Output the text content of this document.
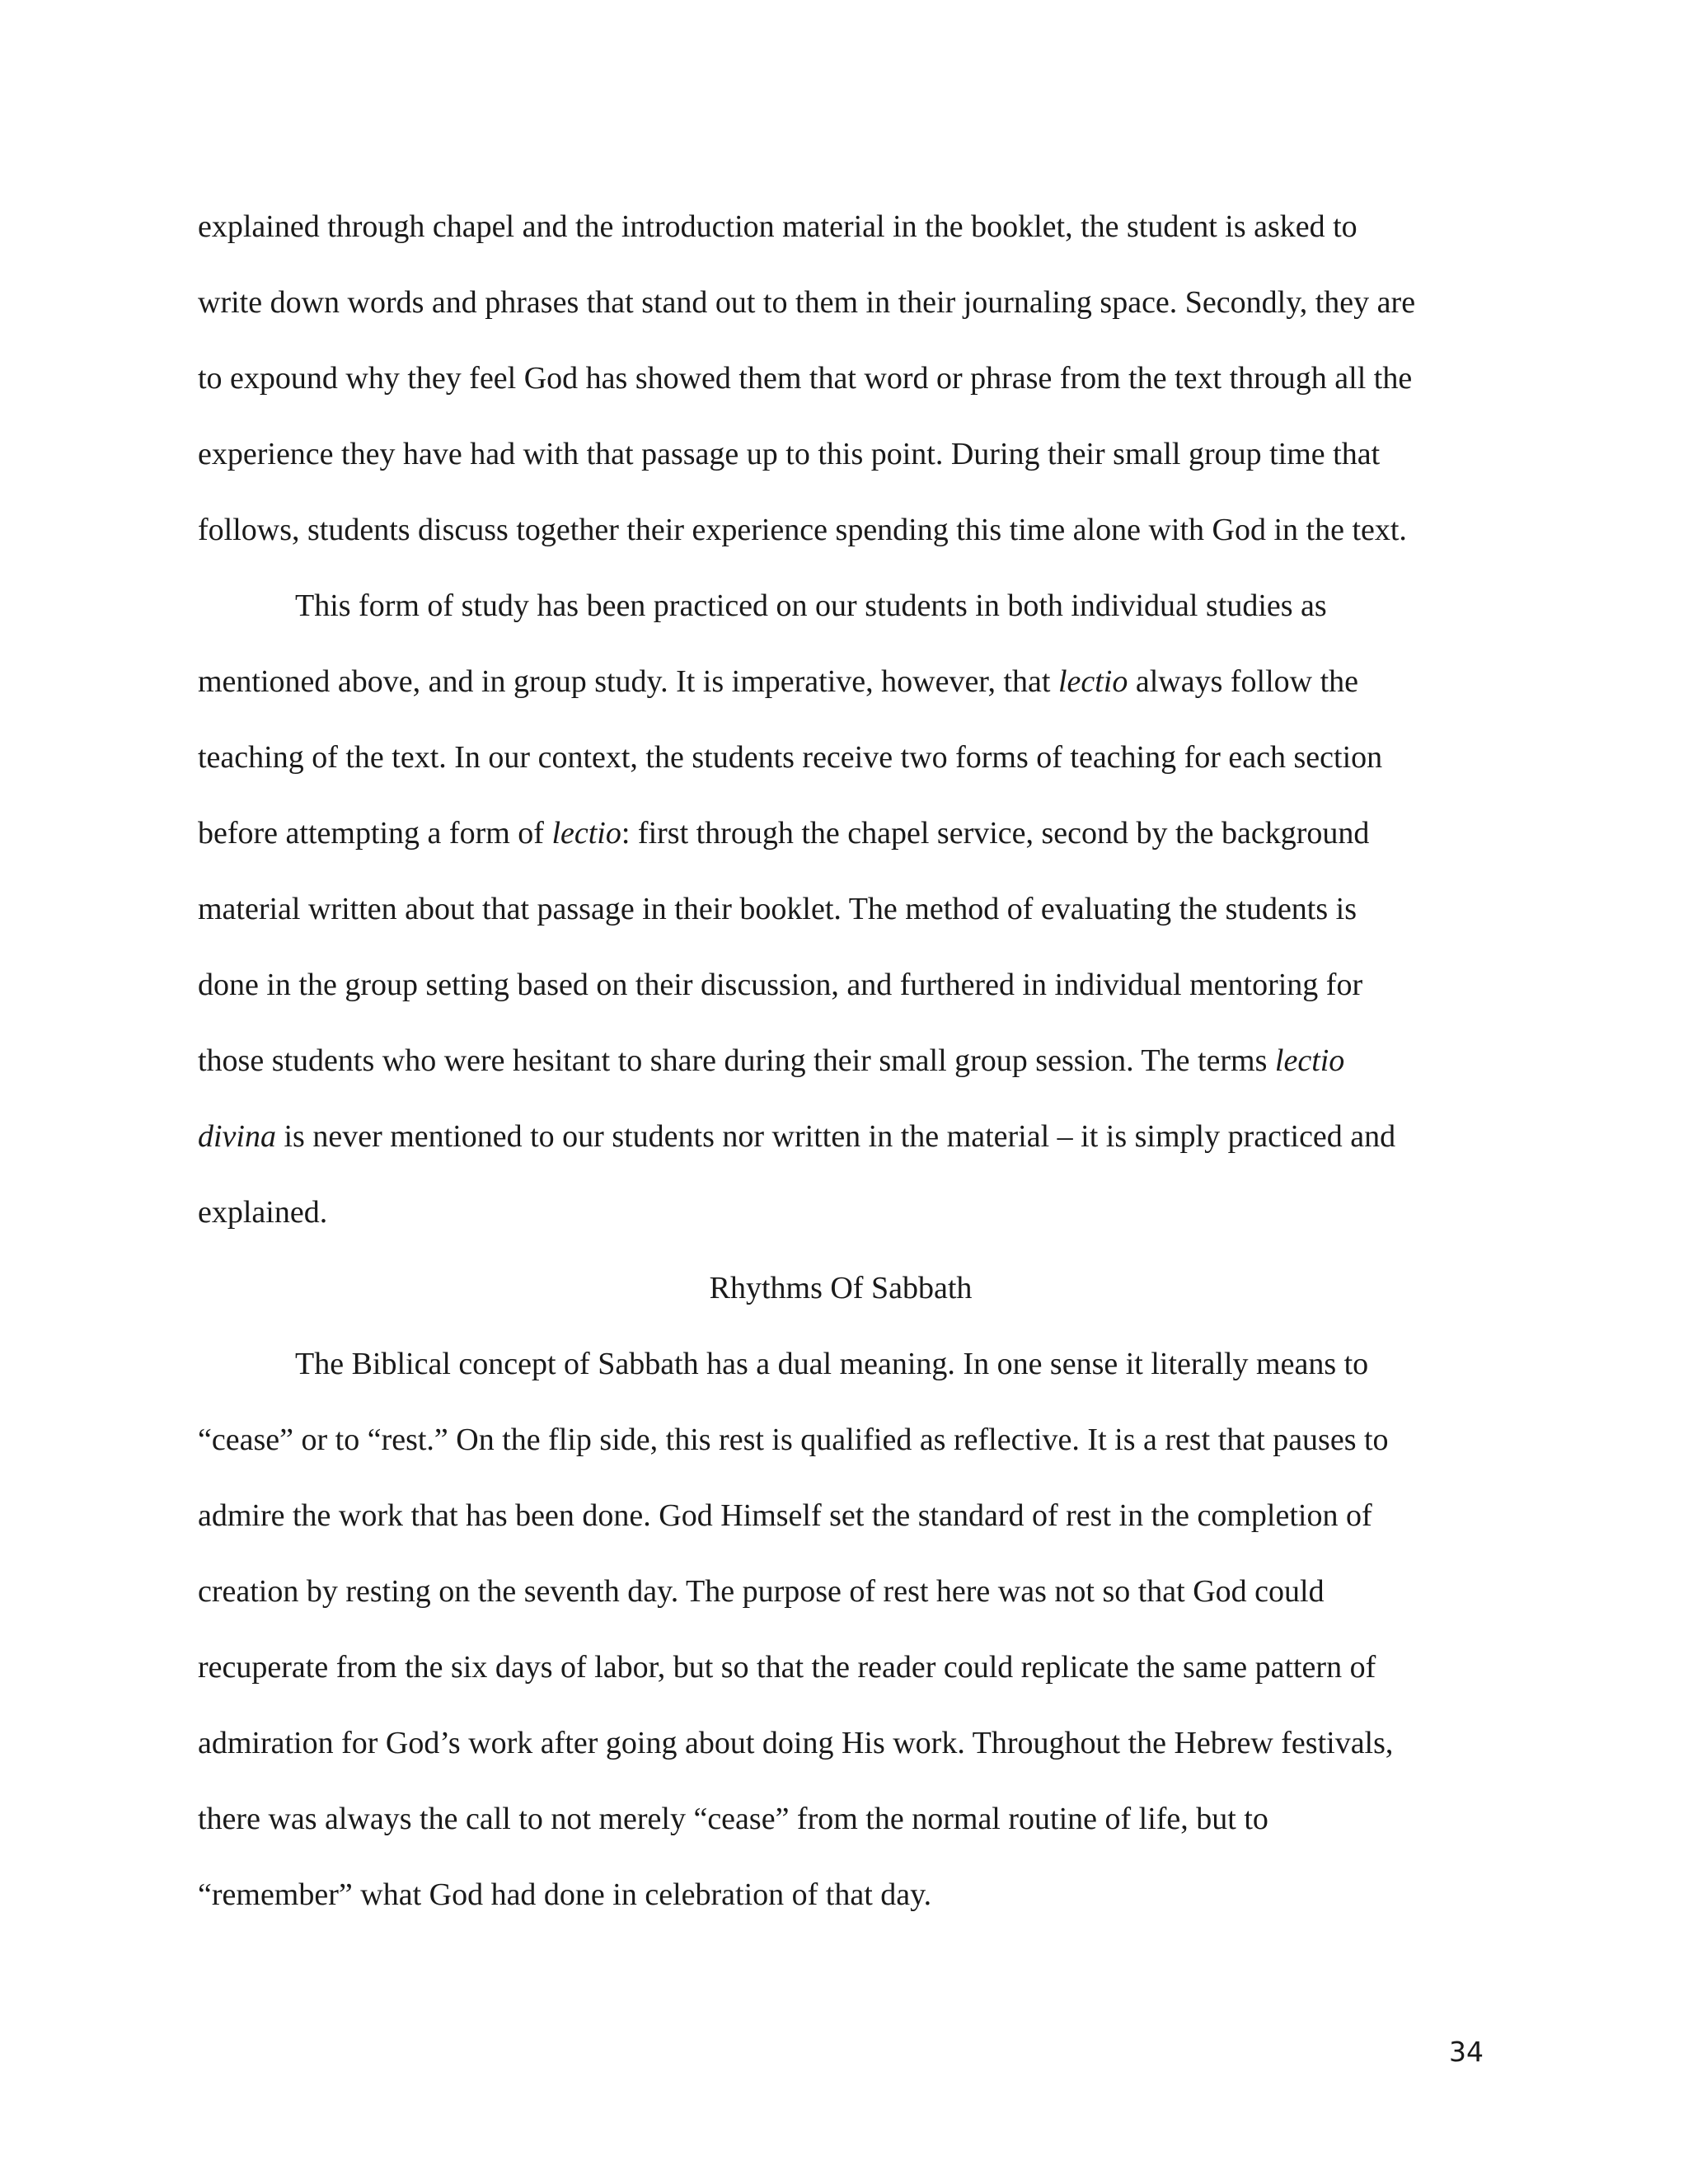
explained through chapel and the introduction material in the booklet, the student is asked to
write down words and phrases that stand out to them in their journaling space. Secondly, they are
to expound why they feel God has showed them that word or phrase from the text through all the
experience they have had with that passage up to this point. During their small group time that
follows, students discuss together their experience spending this time alone with God in the text.
This form of study has been practiced on our students in both individual studies as
mentioned above, and in group study. It is imperative, however, that lectio always follow the
teaching of the text. In our context, the students receive two forms of teaching for each section
before attempting a form of lectio: first through the chapel service, second by the background
material written about that passage in their booklet. The method of evaluating the students is
done in the group setting based on their discussion, and furthered in individual mentoring for
those students who were hesitant to share during their small group session. The terms lectio
divina is never mentioned to our students nor written in the material – it is simply practiced and
explained.
Rhythms Of Sabbath
The Biblical concept of Sabbath has a dual meaning. In one sense it literally means to
“cease” or to “rest.” On the flip side, this rest is qualified as reflective. It is a rest that pauses to
admire the work that has been done. God Himself set the standard of rest in the completion of
creation by resting on the seventh day. The purpose of rest here was not so that God could
recuperate from the six days of labor, but so that the reader could replicate the same pattern of
admiration for God’s work after going about doing His work. Throughout the Hebrew festivals,
there was always the call to not merely “cease” from the normal routine of life, but to
“remember” what God had done in celebration of that day.
34
